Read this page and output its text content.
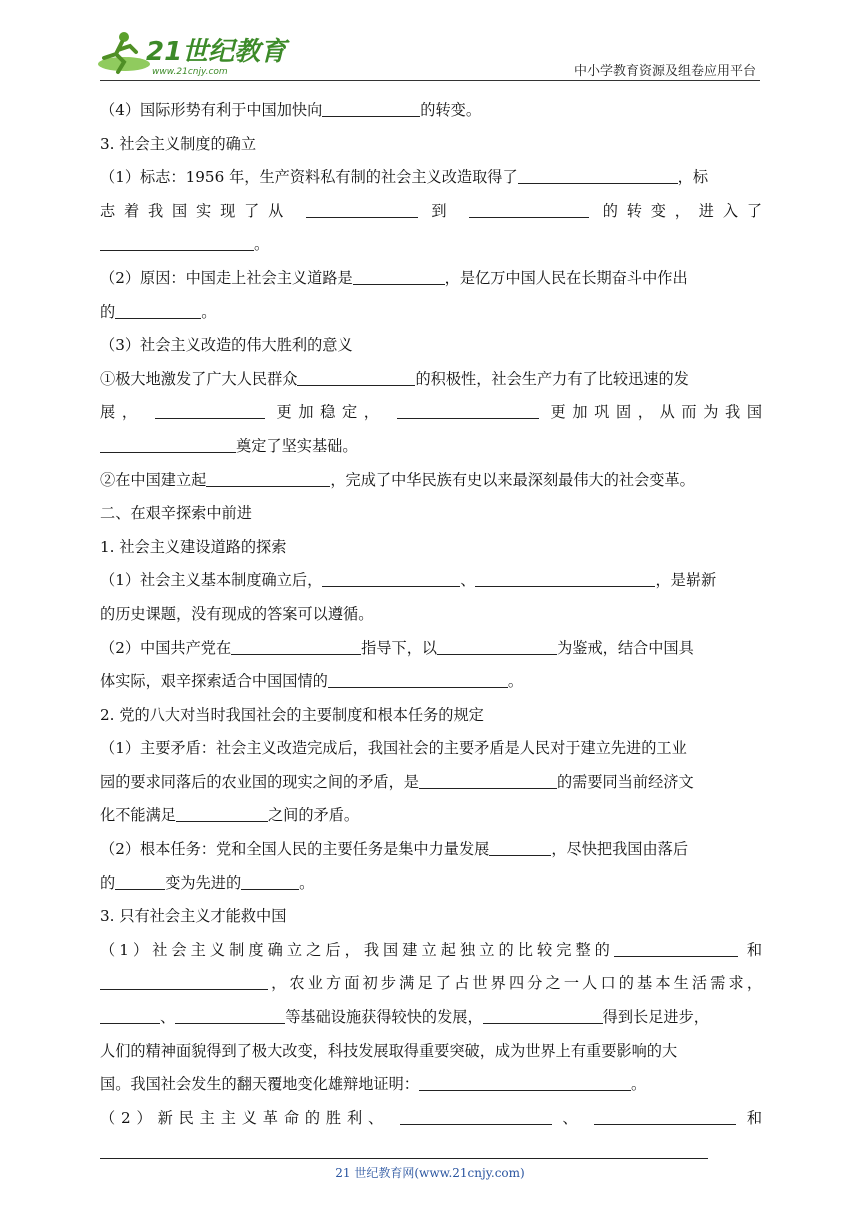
21世纪教育
www.21cnjy.com	中小学教育资源及组卷应用平台
（4）国际形势有利于中国加快向	的转变。
3. 社会主义制度的确立
（1）标志：1956 年，生产资料私有制的社会主义改造取得了	，标
志着我国实现了从	到	的转变，进入了
。
（2）原因：中国走上社会主义道路是	，是亿万中国人民在长期奋斗中作出
的	。
（3）社会主义改造的伟大胜利的意义
①极大地激发了广大人民群众	的积极性，社会生产力有了比较迅速的发
展，	更加稳定，	更加巩固，从而为我国
奠定了坚实基础。
②在中国建立起	，完成了中华民族有史以来最深刻最伟大的社会变革。
二、在艰辛探索中前进
1. 社会主义建设道路的探索
（1）社会主义基本制度确立后，	、	，是崭新
的历史课题，没有现成的答案可以遵循。
（2）中国共产党在	指导下，以	为鉴戒，结合中国具
体实际，艰辛探索适合中国国情的	。
2. 党的八大对当时我国社会的主要制度和根本任务的规定
（1）主要矛盾：社会主义改造完成后，我国社会的主要矛盾是人民对于建立先进的工业
园的要求同落后的农业国的现实之间的矛盾，是	的需要同当前经济文
化不能满足	之间的矛盾。
（2）根本任务：党和全国人民的主要任务是集中力量发展	，尽快把我国由落后
的	变为先进的	。
3. 只有社会主义才能救中国
（1）社会主义制度确立之后，我国建立起独立的比较完整的	和
，农业方面初步满足了占世界四分之一人口的基本生活需求，
、	等基础设施获得较快的发展，	得到长足进步，
人们的精神面貌得到了极大改变，科技发展取得重要突破，成为世界上有重要影响的大
国。我国社会发生的翻天覆地变化雄辩地证明：	。
（2）新民主主义革命的胜利、	、	和
21 世纪教育网(www.21cnjy.com)
